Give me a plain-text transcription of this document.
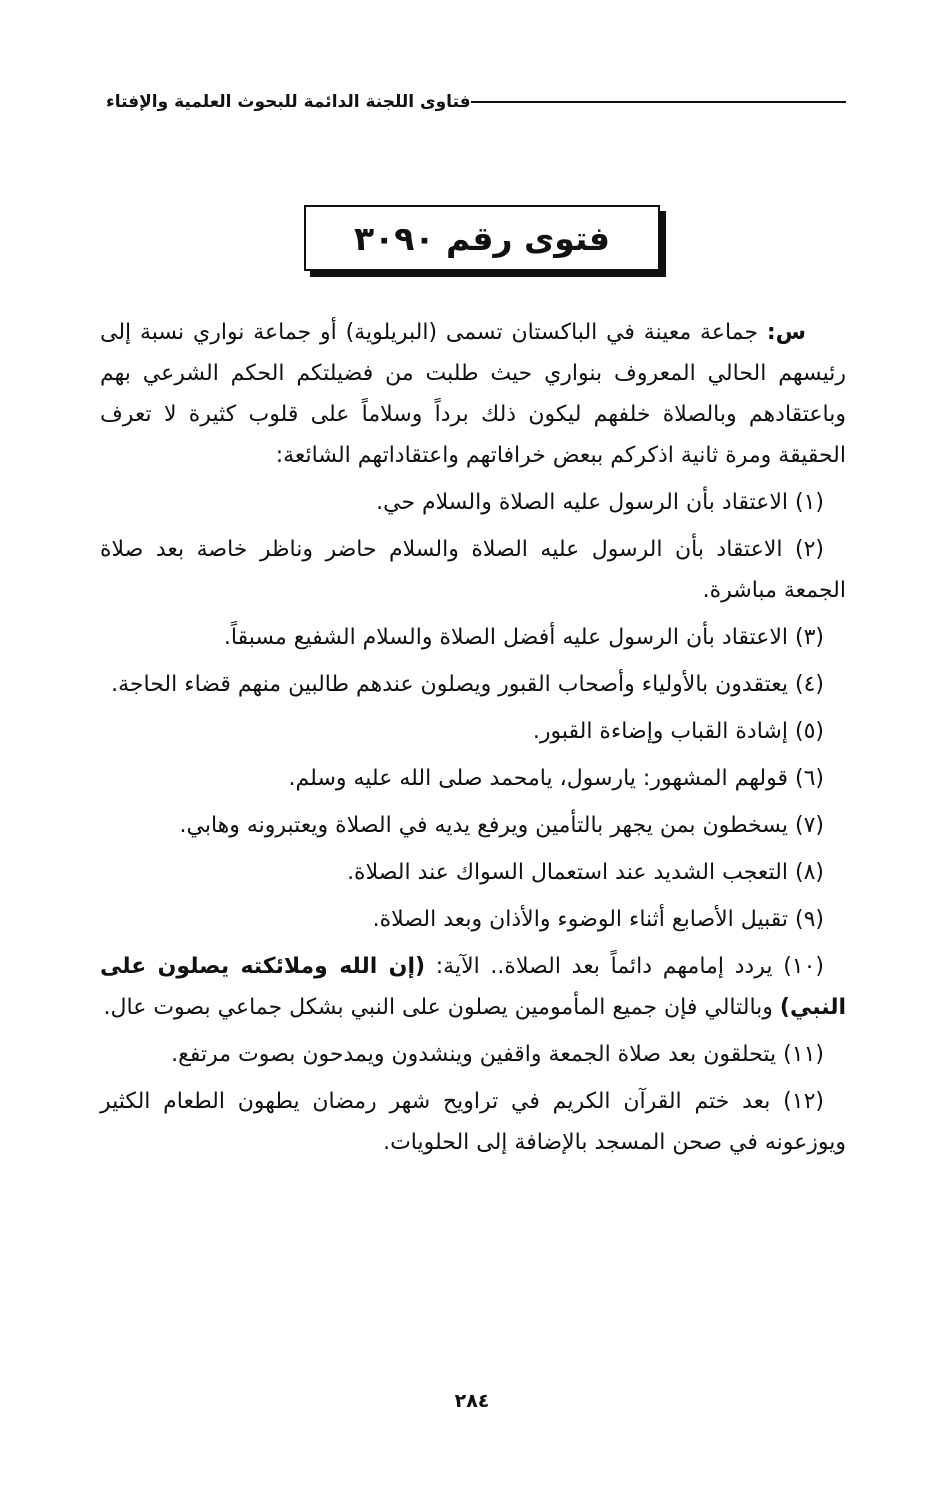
فتاوى اللجنة الدائمة للبحوث العلمية والإفتاء
فتوى رقم ٣٠٩٠

س: جماعة معينة في الباكستان تسمى (البريلوية) أو جماعة نواري نسبة إلى رئيسهم الحالي المعروف بنواري حيث طلبت من فضيلتكم الحكم الشرعي بهم وباعتقادهم وبالصلاة خلفهم ليكون ذلك برداً وسلاماً على قلوب كثيرة لا تعرف الحقيقة ومرة ثانية اذكركم ببعض خرافاتهم واعتقاداتهم الشائعة:

(١) الاعتقاد بأن الرسول عليه الصلاة والسلام حي.

(٢) الاعتقاد بأن الرسول عليه الصلاة والسلام حاضر وناظر خاصة بعد صلاة الجمعة مباشرة.

(٣) الاعتقاد بأن الرسول عليه أفضل الصلاة والسلام الشفيع مسبقاً.

(٤) يعتقدون بالأولياء وأصحاب القبور ويصلون عندهم طالبين منهم قضاء الحاجة.

(٥) إشادة القباب وإضاءة القبور.

(٦) قولهم المشهور: يارسول، يامحمد صلى الله عليه وسلم.

(٧) يسخطون بمن يجهر بالتأمين ويرفع يديه في الصلاة ويعتبرونه وهابي.

(٨) التعجب الشديد عند استعمال السواك عند الصلاة.

(٩) تقبيل الأصابع أثناء الوضوء والأذان وبعد الصلاة.

(١٠) يردد إمامهم دائماً بعد الصلاة.. الآية: (إن الله وملائكته يصلون على النبي) وبالتالي فإن جميع المأمومين يصلون على النبي بشكل جماعي بصوت عال.

(١١) يتحلقون بعد صلاة الجمعة واقفين وينشدون ويمدحون بصوت مرتفع.

(١٢) بعد ختم القرآن الكريم في تراويح شهر رمضان يطهون الطعام الكثير ويوزعونه في صحن المسجد بالإضافة إلى الحلويات.

٢٨٤
